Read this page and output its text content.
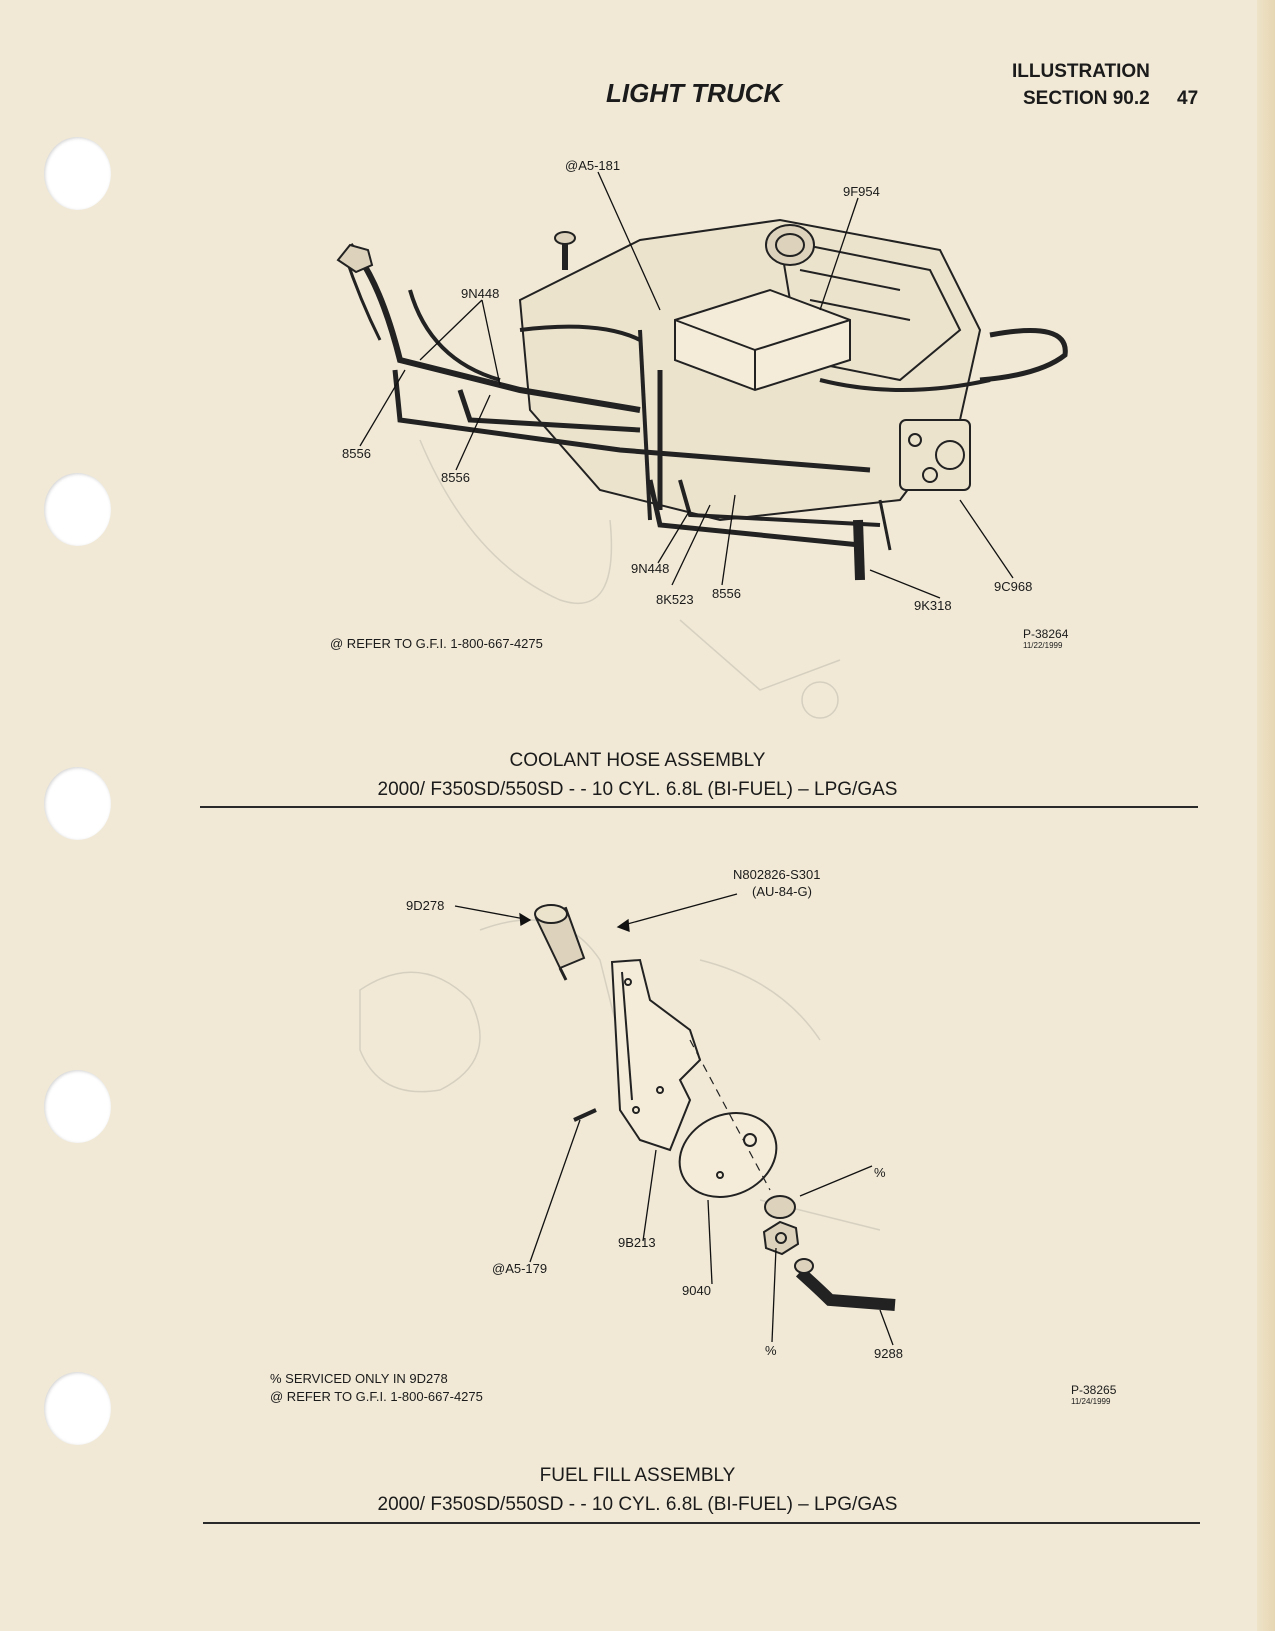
LIGHT TRUCK
ILLUSTRATION
SECTION 90.2 47
@A5-181
9F954
9N448
8556
8556
9N448
8K523 8556	9C968
9K318
@ REFER TO G.F.I. 1-800-667-4275
P-38264
11/22/1999
COOLANT HOSE ASSEMBLY
2000/ F350SD/550SD - - 10 CYL. 6.8L (BI-FUEL) – LPG/GAS
N802826-S301
(AU-84-G)
9D278
%
9B213
@A5-179
9040
%	9288
% SERVICED ONLY IN 9D278
@ REFER TO G.F.I. 1-800-667-4275	P-38265
11/24/1999
FUEL FILL ASSEMBLY
2000/ F350SD/550SD - - 10 CYL. 6.8L (BI-FUEL) – LPG/GAS
